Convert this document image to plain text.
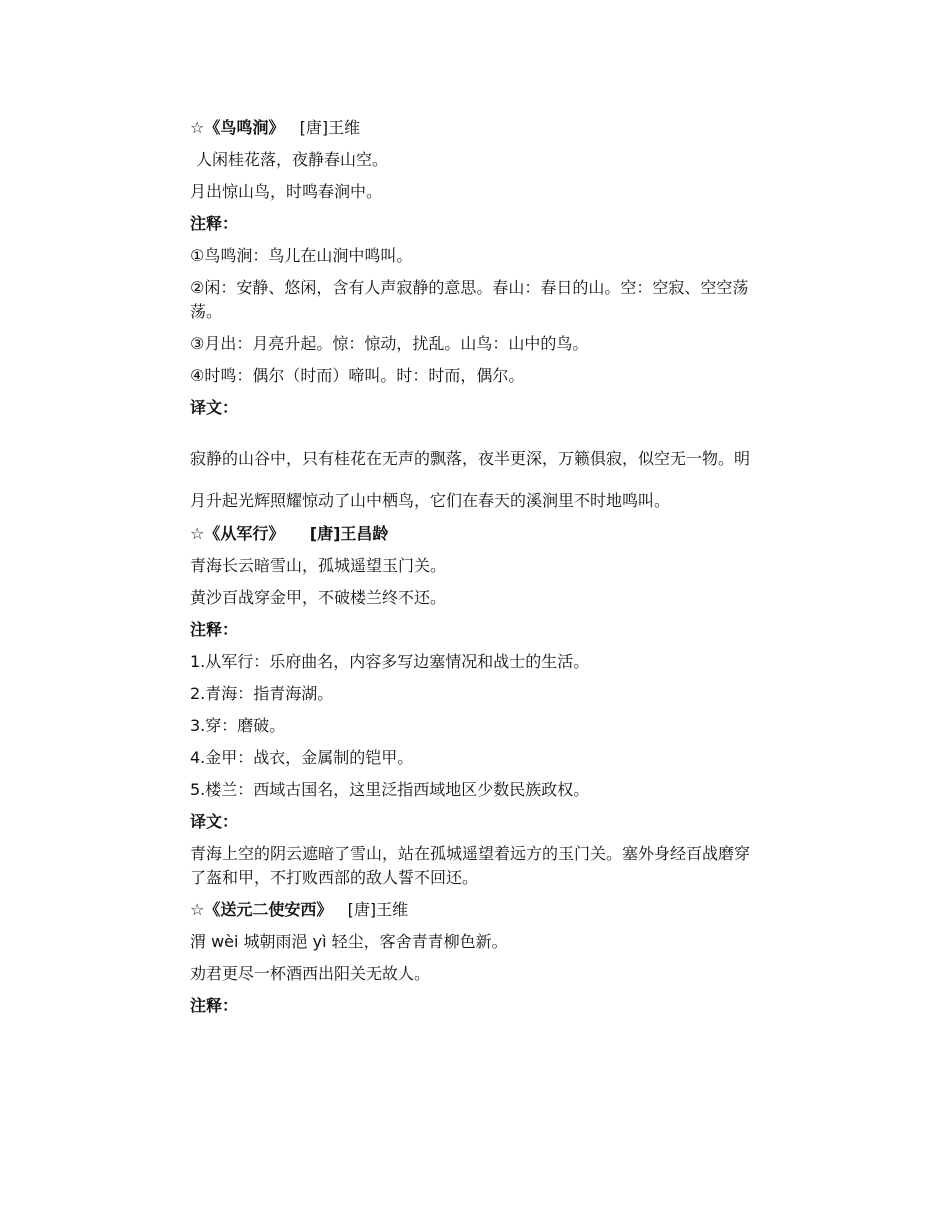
☆《鸟鸣涧》 [唐]王维
人闲桂花落，夜静春山空。
月出惊山鸟，时鸣春涧中。
注释：
①鸟鸣涧：鸟儿在山涧中鸣叫。
②闲：安静、悠闲，含有人声寂静的意思。春山：春日的山。空：空寂、空空荡荡。
③月出：月亮升起。惊：惊动，扰乱。山鸟：山中的鸟。
④时鸣：偶尔（时而）啼叫。时：时而，偶尔。
译文：
寂静的山谷中，只有桂花在无声的飘落，夜半更深，万籁俱寂，似空无一物。明月升起光辉照耀惊动了山中栖鸟，它们在春天的溪涧里不时地鸣叫。
☆《从军行》 [唐]王昌龄
青海长云暗雪山，孤城遥望玉门关。
黄沙百战穿金甲，不破楼兰终不还。
注释：
1.从军行：乐府曲名，内容多写边塞情况和战士的生活。
2.青海：指青海湖。
3.穿：磨破。
4.金甲：战衣，金属制的铠甲。
5.楼兰：西域古国名，这里泛指西域地区少数民族政权。
译文：
青海上空的阴云遮暗了雪山，站在孤城遥望着远方的玉门关。塞外身经百战磨穿了盔和甲，不打败西部的敌人誓不回还。
☆《送元二使安西》 [唐]王维
渭 wèi 城朝雨浥 yì 轻尘，客舍青青柳色新。
劝君更尽一杯酒西出阳关无故人。
注释：
